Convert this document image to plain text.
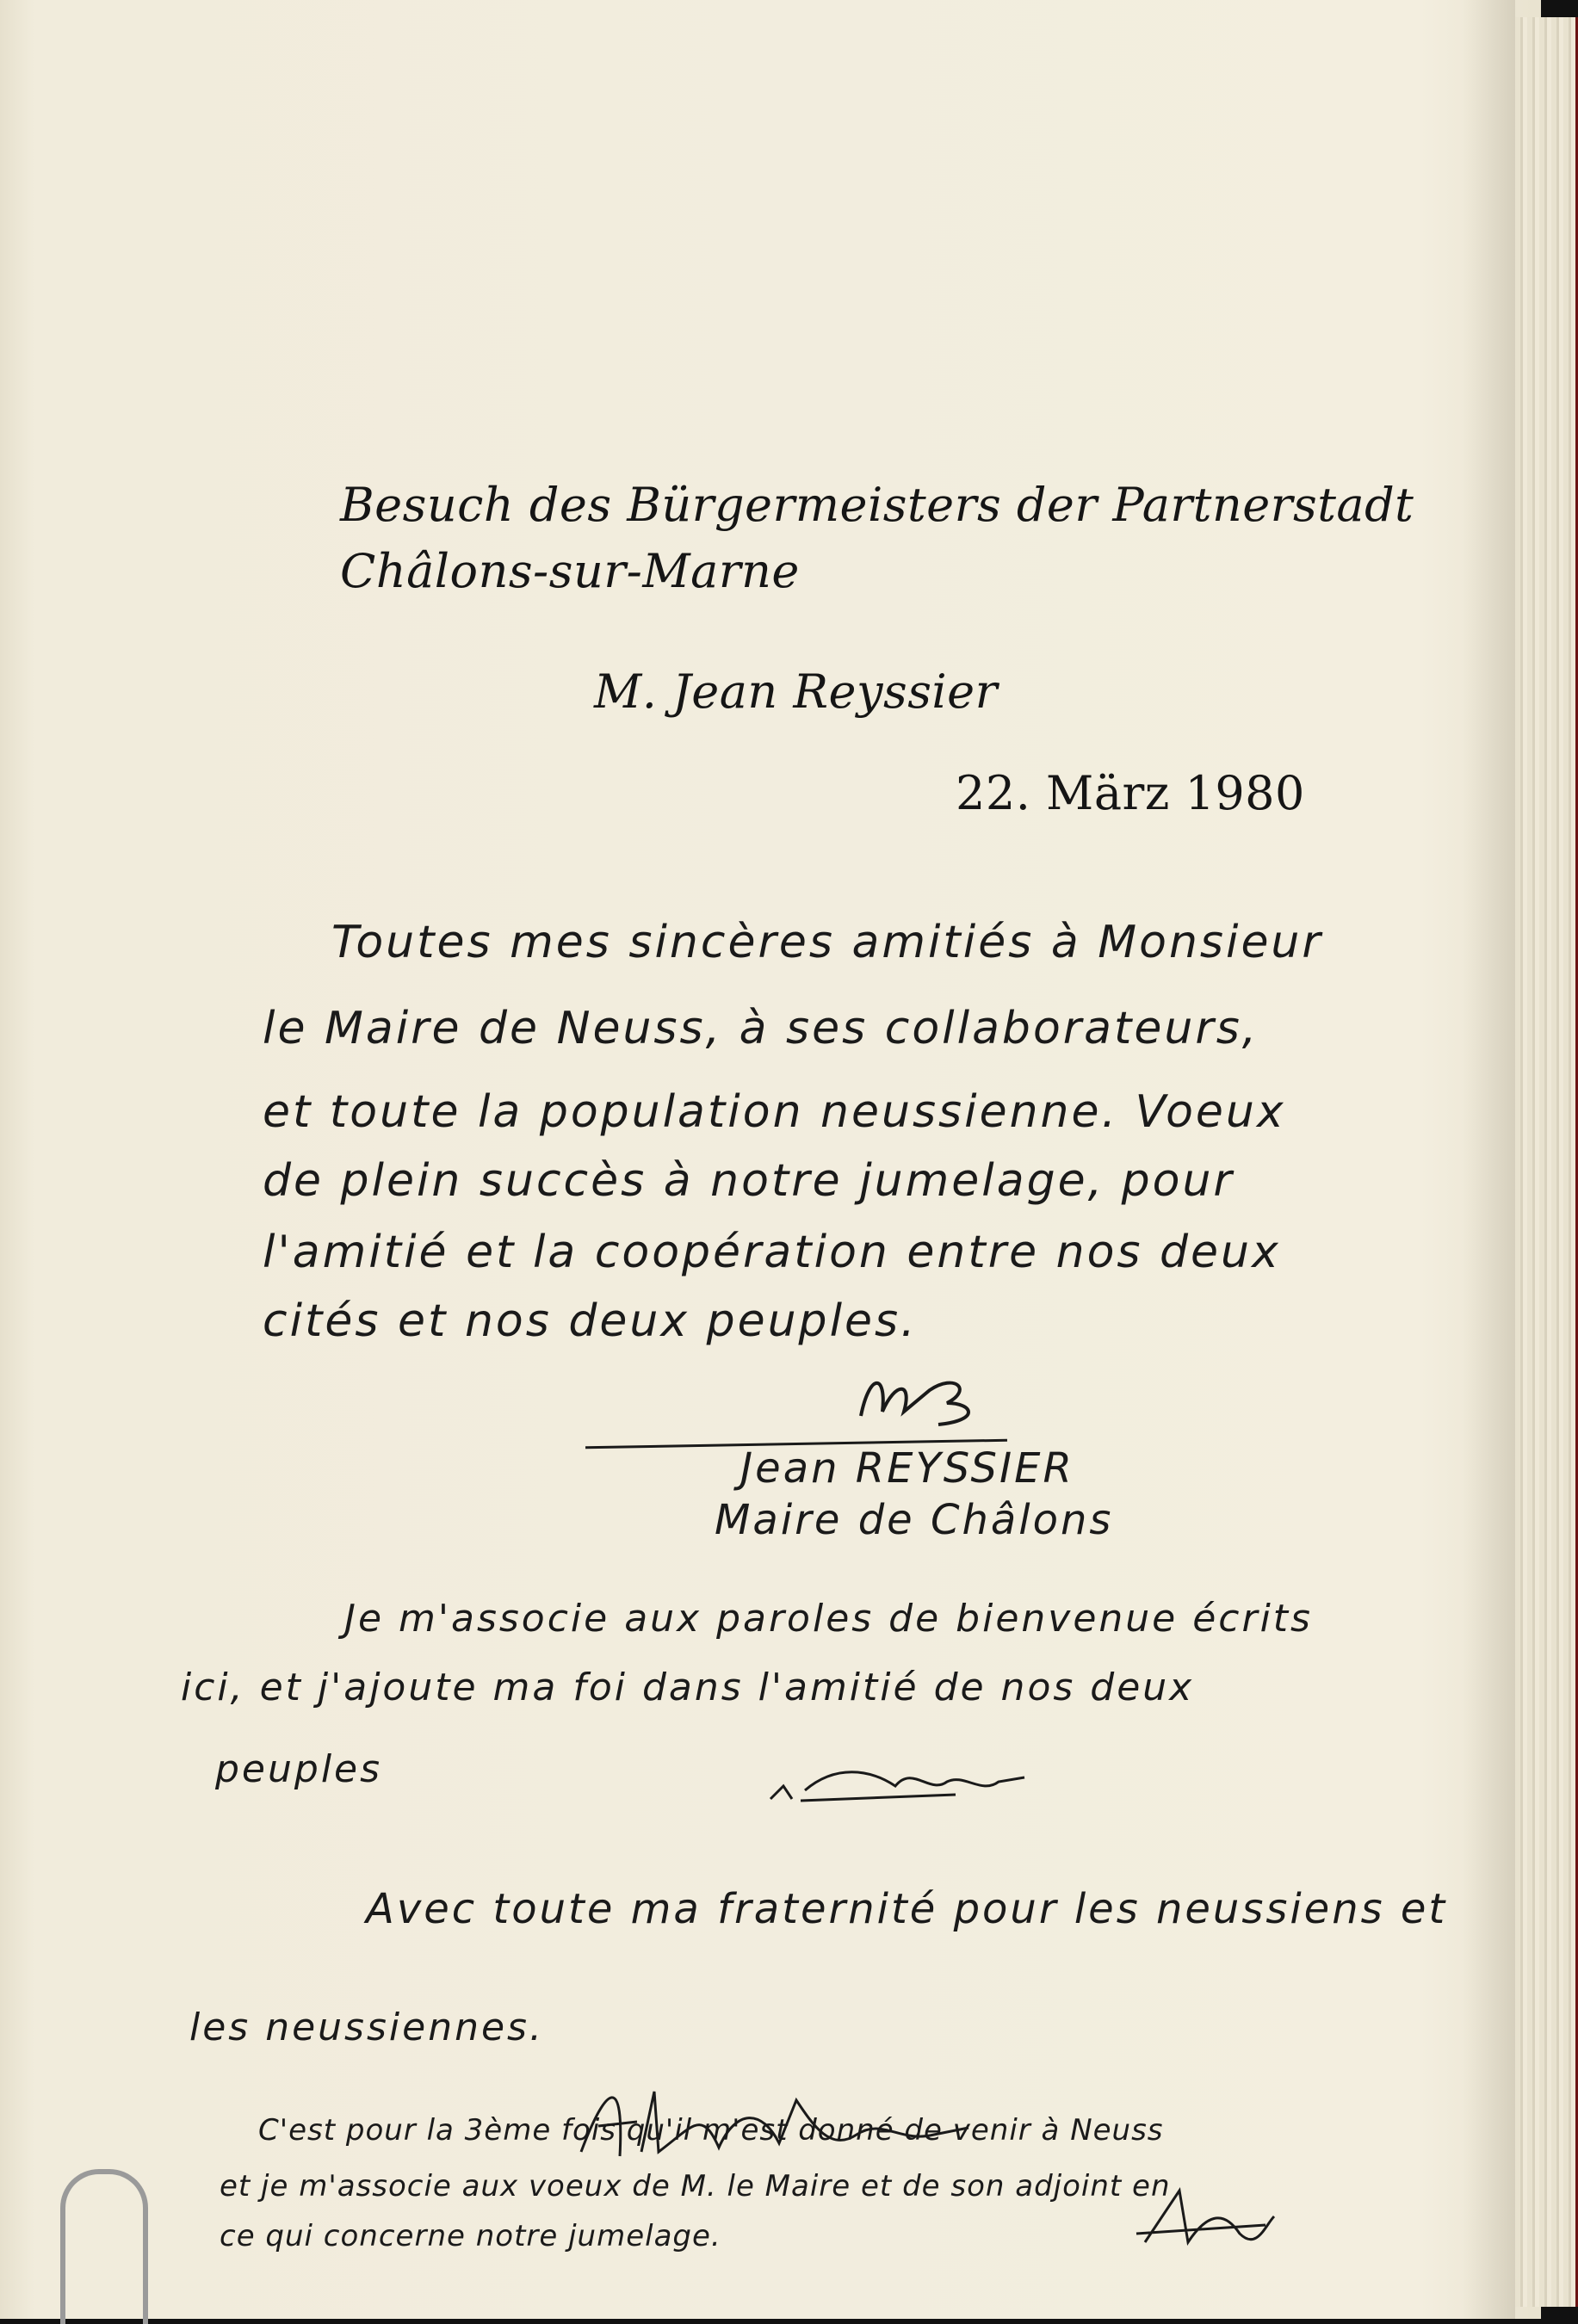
Besuch des Bürgermeisters der Partnerstadt
Châlons-sur-Marne
M. Jean Reyssier
22. März 1980
Toutes mes sincères amitiés à Monsieur
le Maire de Neuss, à ses collaborateurs,
et toute la population neussienne. Voeux
de plein succès à notre jumelage, pour
l'amitié et la coopération entre nos deux
cités et nos deux peuples.
Jean REYSSIER
Maire de Châlons
Je m'associe aux paroles de bienvenue écrits
ici, et j'ajoute ma foi dans l'amitié de nos deux
peuples
Avec toute ma fraternité pour les neussiens et
les neussiennes.
C'est pour la 3ème fois qu'il m'est donné de venir à Neuss
et je m'associe aux voeux de M. le Maire et de son adjoint en
ce qui concerne notre jumelage.
